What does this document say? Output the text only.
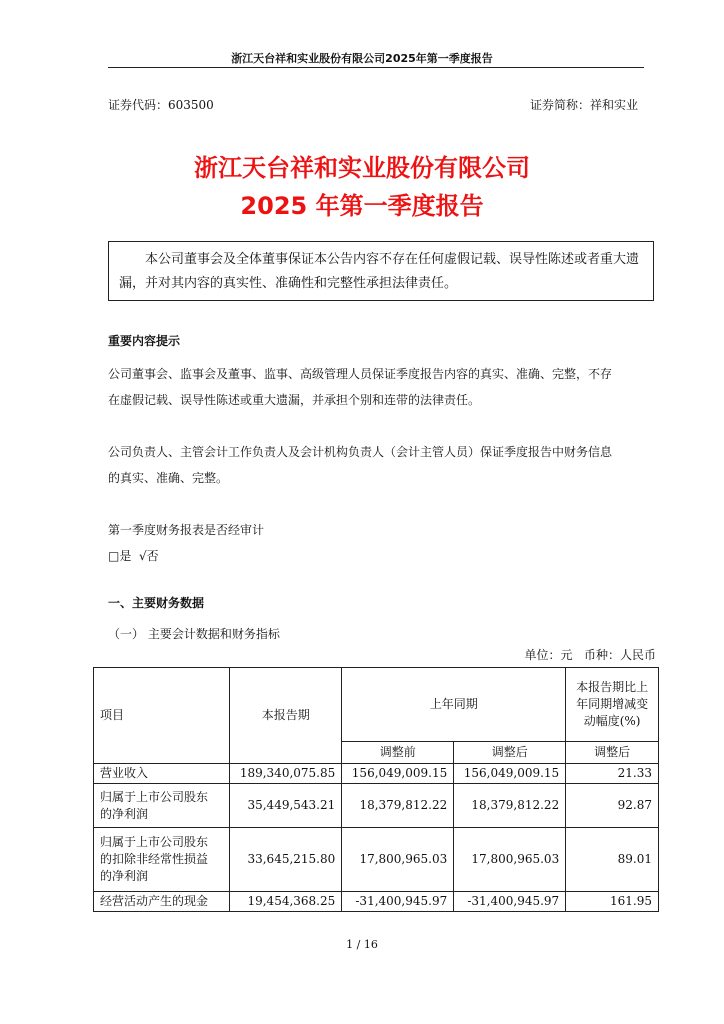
浙江天台祥和实业股份有限公司2025年第一季度报告
证券代码：603500	证券简称：祥和实业
浙江天台祥和实业股份有限公司
2025 年第一季度报告
本公司董事会及全体董事保证本公告内容不存在任何虚假记载、误导性陈述或者重大遗漏，并对其内容的真实性、准确性和完整性承担法律责任。
重要内容提示
公司董事会、监事会及董事、监事、高级管理人员保证季度报告内容的真实、准确、完整，不存
在虚假记载、误导性陈述或重大遗漏，并承担个别和连带的法律责任。
公司负责人、主管会计工作负责人及会计机构负责人（会计主管人员）保证季度报告中财务信息
的真实、准确、完整。
第一季度财务报表是否经审计
□是 √否
一、主要财务数据
（一） 主要会计数据和财务指标
单位：元   币种：人民币
项目	本报告期	上年同期		本报告期比上
年同期增减变
动幅度(%)

		调整前	调整后	调整后
营业收入	189,340,075.85	156,049,009.15	156,049,009.15	21.33

归属于上市公司股东
的净利润	35,449,543.21	18,379,812.22	18,379,812.22	92.87

归属于上市公司股东
的扣除非经常性损益
的净利润	33,645,215.80	17,800,965.03	17,800,965.03	89.01
经营活动产生的现金	19,454,368.25	-31,400,945.97	-31,400,945.97	161.95
1 / 16
